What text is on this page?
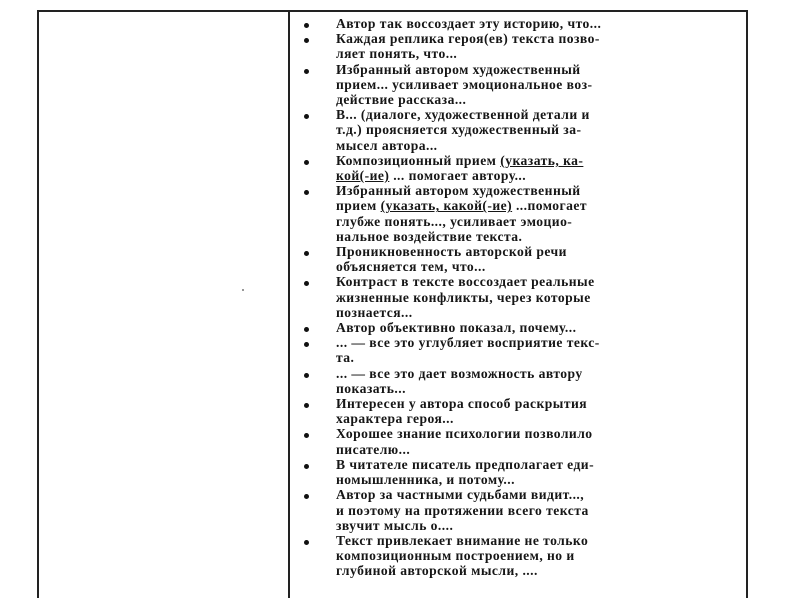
Автор так воссоздает эту историю, что...
Каждая реплика героя(ев) текста позво-
ляет понять, что...
Избранный автором художественный
прием... усиливает эмоциональное воз-
действие рассказа...
В... (диалоге, художественной детали и
т.д.) проясняется художественный за-
мысел автора...
Композиционный прием (указать, ка-
кой(-ие) ... помогает автору...
Избранный автором художественный
прием (указать, какой(-ие) ...помогает
глубже понять..., усиливает эмоцио-
нальное воздействие текста.
Проникновенность авторской речи
объясняется тем, что...
Контраст в тексте воссоздает реальные
жизненные конфликты, через которые
познается...
Автор объективно показал, почему...
... — все это углубляет восприятие текс-
та.
... — все это дает возможность автору
показать...
Интересен у автора способ раскрытия
характера героя...
Хорошее знание психологии позволило
писателю...
В читателе писатель предполагает еди-
номышленника, и потому...
Автор за частными судьбами видит...,
и поэтому на протяжении всего текста
звучит мысль о....
Текст привлекает внимание не только
композиционным построением, но и
глубиной авторской мысли, ....
